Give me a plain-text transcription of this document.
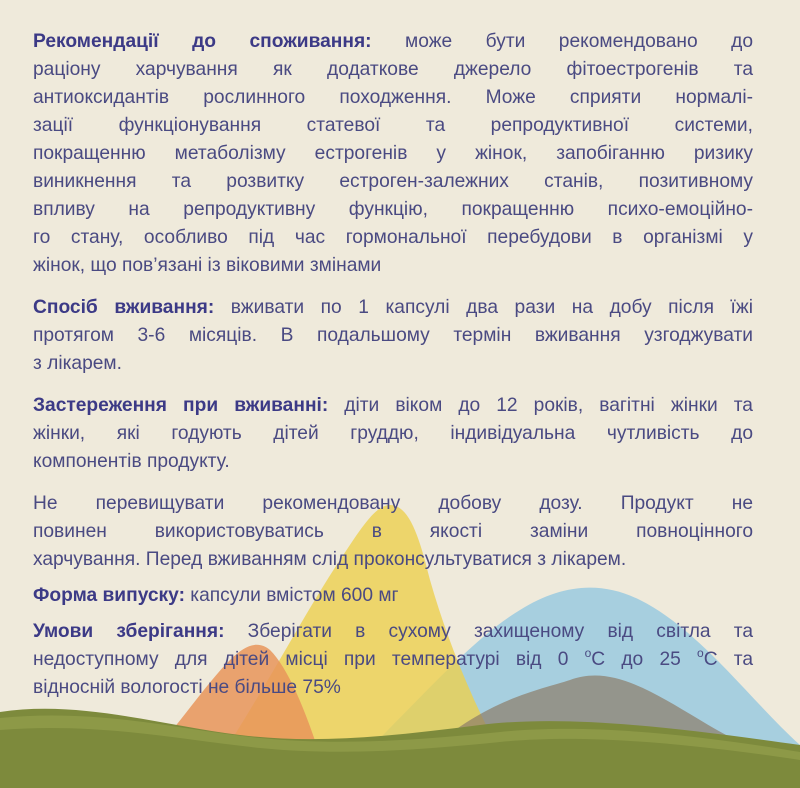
Рекомендації до споживання: може бути рекомендовано до
раціону харчування як додаткове джерело фітоестрогенів та
антиоксидантів рослинного походження. Може сприяти нормалі-
зації функціонування статевої та репродуктивної системи,
покращенню метаболізму естрогенів у жінок, запобіганню ризику
виникнення та розвитку естроген-залежних станів, позитивному
впливу на репродуктивну функцію, покращенню психо-емоційно-
го стану, особливо під час гормональної перебудови в організмі у
жінок, що пов’язані із віковими змінами
Спосіб вживання: вживати по 1 капсулі два рази на добу після їжі
протягом 3-6 місяців. В подальшому термін вживання узгоджувати
з лікарем.
Застереження при вживанні: діти віком до 12 років, вагітні жінки та
жінки, які годують дітей груддю, індивідуальна чутливість до
компонентів продукту.
Не перевищувати рекомендовану добову дозу. Продукт не
повинен використовуватись в якості заміни повноцінного
харчування. Перед вживанням слід проконсультуватися з лікарем.
Форма випуску: капсули вмістом 600 мг
Умови зберігання: Зберігати в сухому захищеному від світла та
недоступному для дітей місці при температурі від 0 $^о$С до 25 $^о$С та
відносній вологості не більше 75%
